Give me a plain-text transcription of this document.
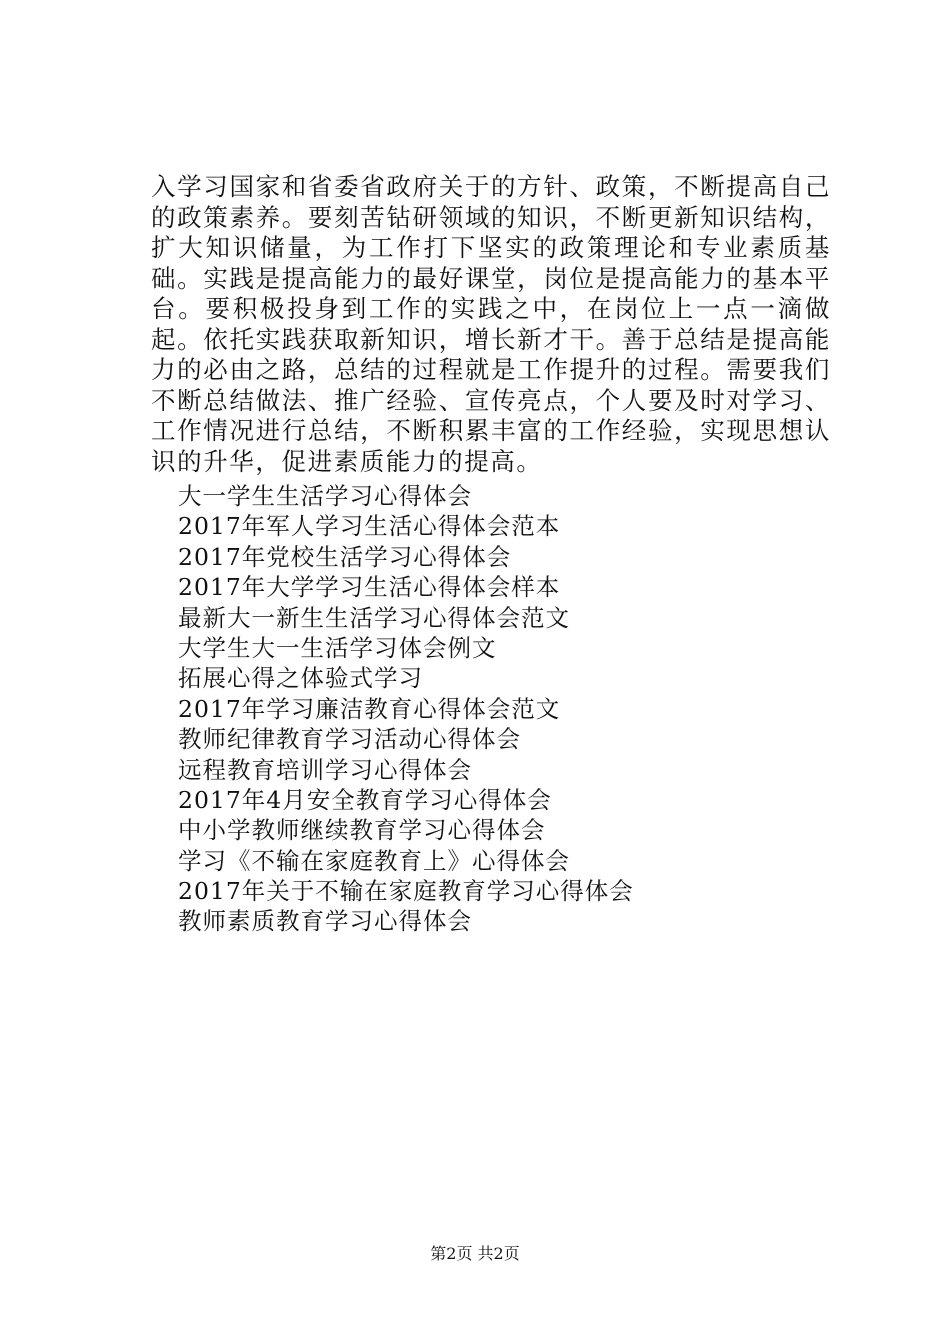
入学习国家和省委省政府关于的方针、政策，不断提高自己的政策素养。要刻苦钻研领域的知识，不断更新知识结构，扩大知识储量，为工作打下坚实的政策理论和专业素质基础。实践是提高能力的最好课堂，岗位是提高能力的基本平台。要积极投身到工作的实践之中，在岗位上一点一滴做起。依托实践获取新知识，增长新才干。善于总结是提高能力的必由之路，总结的过程就是工作提升的过程。需要我们不断总结做法、推广经验、宣传亮点，个人要及时对学习、工作情况进行总结，不断积累丰富的工作经验，实现思想认识的升华，促进素质能力的提高。

大一学生生活学习心得体会
2017年军人学习生活心得体会范本
2017年党校生活学习心得体会
2017年大学学习生活心得体会样本
最新大一新生生活学习心得体会范文
大学生大一生活学习体会例文
拓展心得之体验式学习
2017年学习廉洁教育心得体会范文
教师纪律教育学习活动心得体会
远程教育培训学习心得体会
2017年4月安全教育学习心得体会
中小学教师继续教育学习心得体会
学习《不输在家庭教育上》心得体会
2017年关于不输在家庭教育学习心得体会
教师素质教育学习心得体会
第2页 共2页
